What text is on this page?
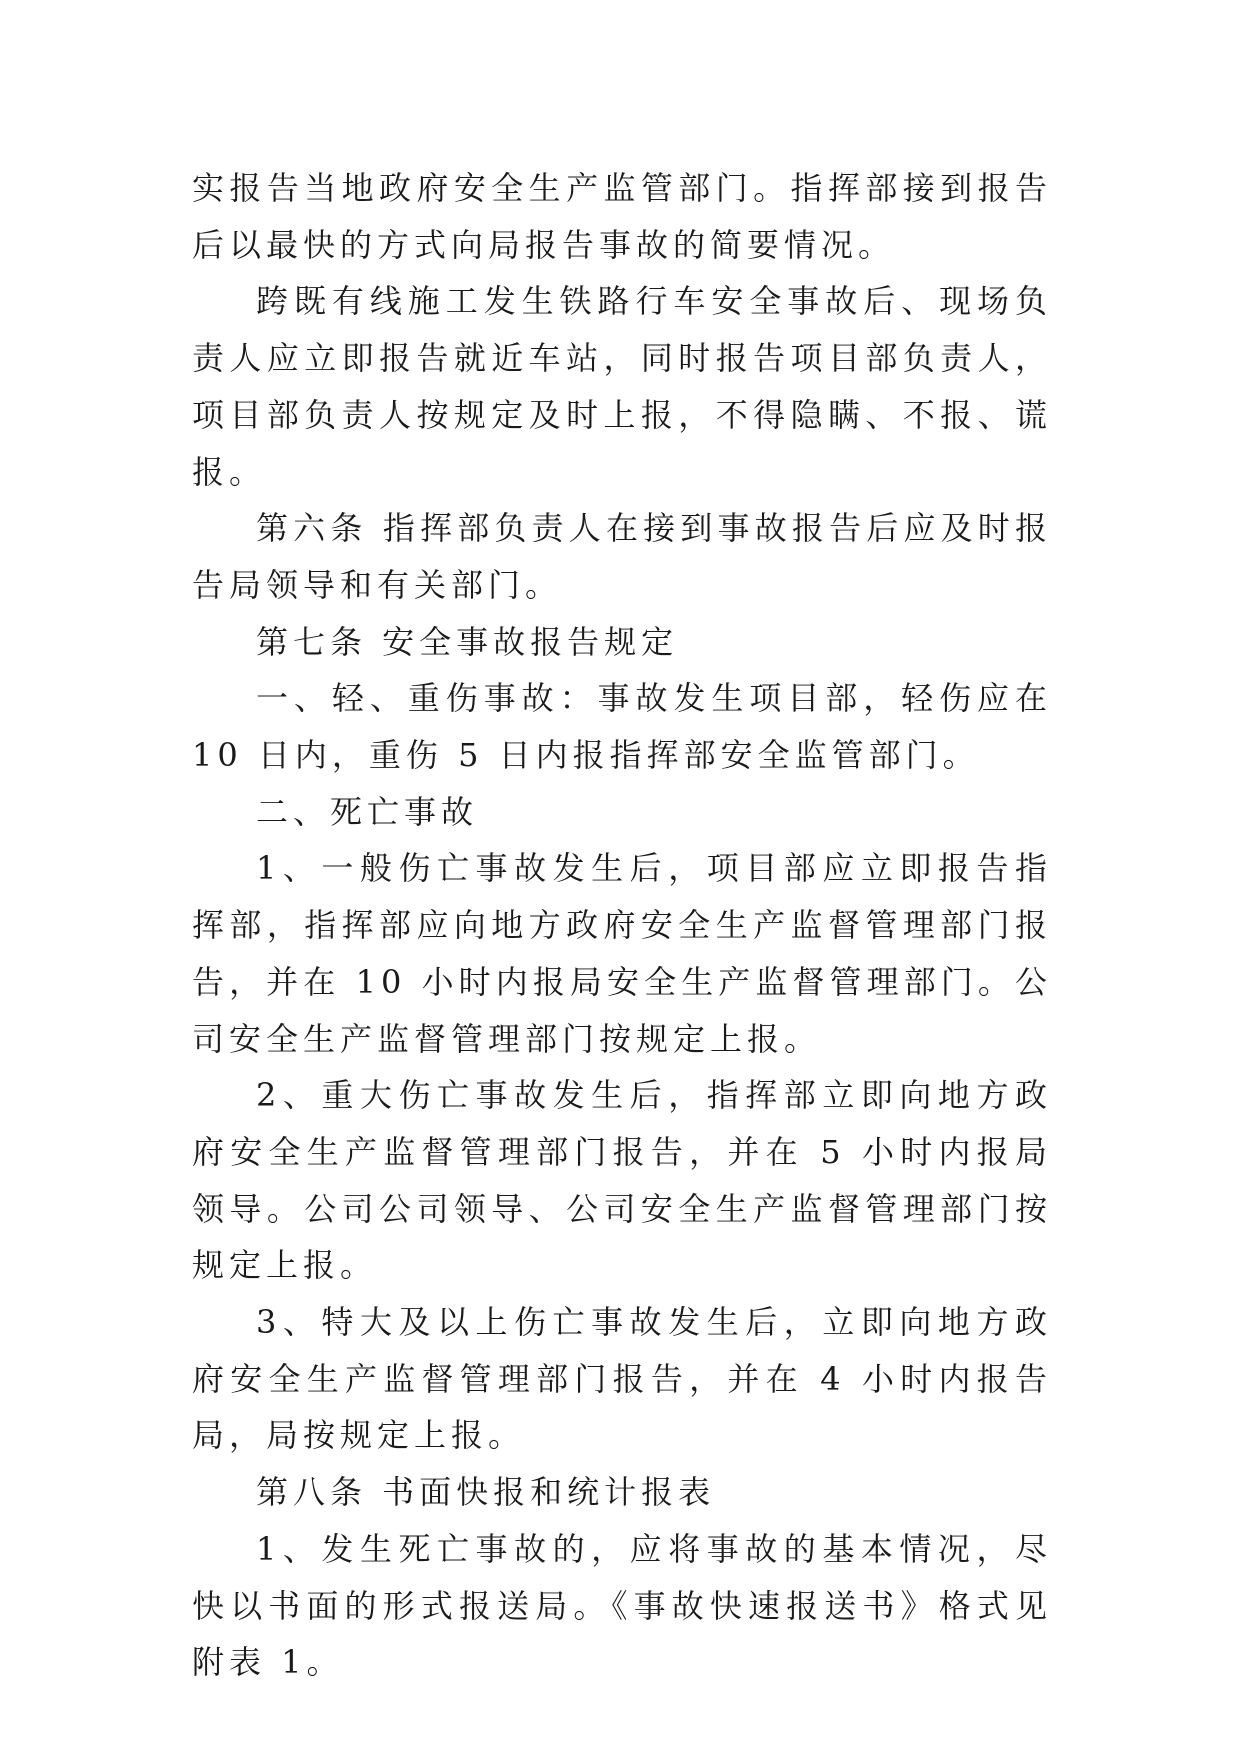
实报告当地政府安全生产监管部门。指挥部接到报告后以最快的方式向局报告事故的简要情况。

跨既有线施工发生铁路行车安全事故后、现场负责人应立即报告就近车站，同时报告项目部负责人，项目部负责人按规定及时上报，不得隐瞒、不报、谎报。

第六条 指挥部负责人在接到事故报告后应及时报告局领导和有关部门。

第七条 安全事故报告规定

一、轻、重伤事故：事故发生项目部，轻伤应在 10 日内，重伤 5 日内报指挥部安全监管部门。

二、死亡事故

1、一般伤亡事故发生后，项目部应立即报告指挥部，指挥部应向地方政府安全生产监督管理部门报告，并在 10 小时内报局安全生产监督管理部门。公司安全生产监督管理部门按规定上报。

2、重大伤亡事故发生后，指挥部立即向地方政府安全生产监督管理部门报告，并在 5 小时内报局领导。公司公司领导、公司安全生产监督管理部门按规定上报。

3、特大及以上伤亡事故发生后，立即向地方政府安全生产监督管理部门报告，并在 4 小时内报告局，局按规定上报。

第八条 书面快报和统计报表

1、发生死亡事故的，应将事故的基本情况，尽快以书面的形式报送局。《事故快速报送书》格式见附表 1。
